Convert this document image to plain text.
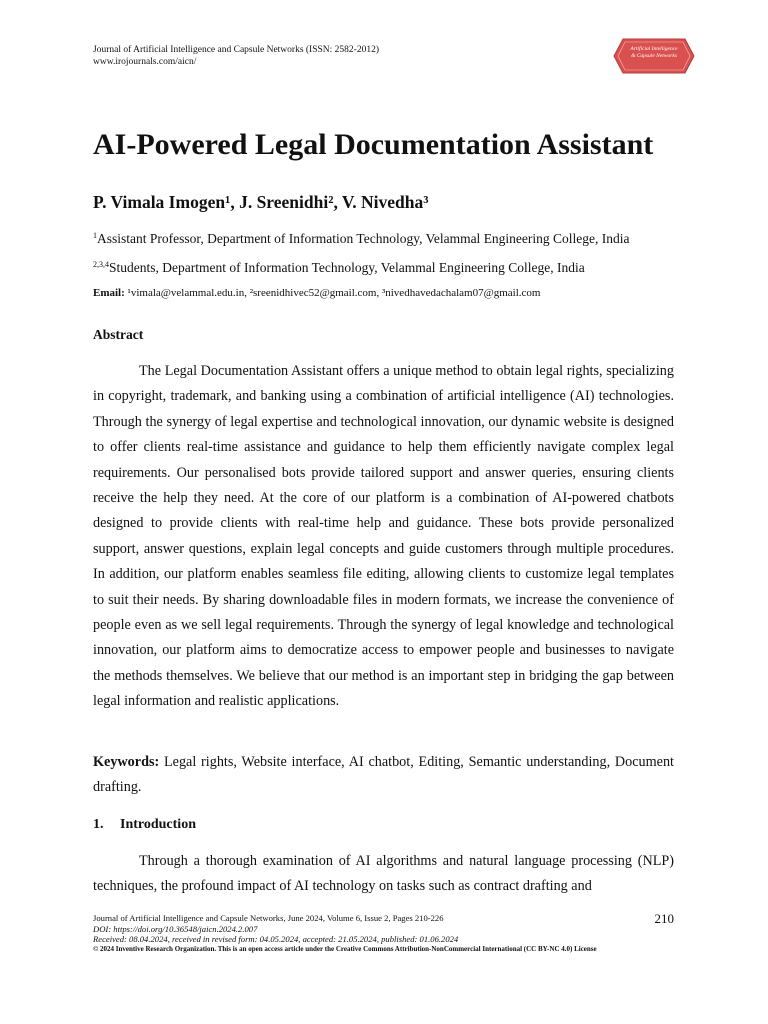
Journal of Artificial Intelligence and Capsule Networks (ISSN: 2582-2012)
www.irojournals.com/aicn/
Artificial Intelligence
& Capsule Networks
AI-Powered Legal Documentation Assistant
P. Vimala Imogen¹, J. Sreenidhi², V. Nivedha³
$^1$Assistant Professor, Department of Information Technology, Velammal Engineering College, India
$^{2,3,4}$Students, Department of Information Technology, Velammal Engineering College, India
Email: ¹vimala@velammal.edu.in, ²sreenidhivec52@gmail.com, ³nivedhavedachalam07@gmail.com
Abstract

The Legal Documentation Assistant offers a unique method to obtain legal rights, specializing in copyright, trademark, and banking using a combination of artificial intelligence (AI) technologies. Through the synergy of legal expertise and technological innovation, our dynamic website is designed to offer clients real-time assistance and guidance to help them efficiently navigate complex legal requirements. Our personalised bots provide tailored support and answer queries, ensuring clients receive the help they need. At the core of our platform is a combination of AI-powered chatbots designed to provide clients with real-time help and guidance. These bots provide personalized support, answer questions, explain legal concepts and guide customers through multiple procedures. In addition, our platform enables seamless file editing, allowing clients to customize legal templates to suit their needs. By sharing downloadable files in modern formats, we increase the convenience of people even as we sell legal requirements. Through the synergy of legal knowledge and technological innovation, our platform aims to democratize access to empower people and businesses to navigate the methods themselves. We believe that our method is an important step in bridging the gap between legal information and realistic applications.

Keywords: Legal rights, Website interface, AI chatbot, Editing, Semantic understanding, Document drafting.
1. Introduction

Through a thorough examination of AI algorithms and natural language processing (NLP) techniques, the profound impact of AI technology on tasks such as contract drafting and

Journal of Artificial Intelligence and Capsule Networks, June 2024, Volume 6, Issue 2, Pages 210-226
DOI: https://doi.org/10.36548/jaicn.2024.2.007
Received: 08.04.2024, received in revised form: 04.05.2024, accepted: 21.05.2024, published: 01.06.2024
210
© 2024 Inventive Research Organization. This is an open access article under the Creative Commons Attribution-NonCommercial International (CC BY-NC 4.0) License
